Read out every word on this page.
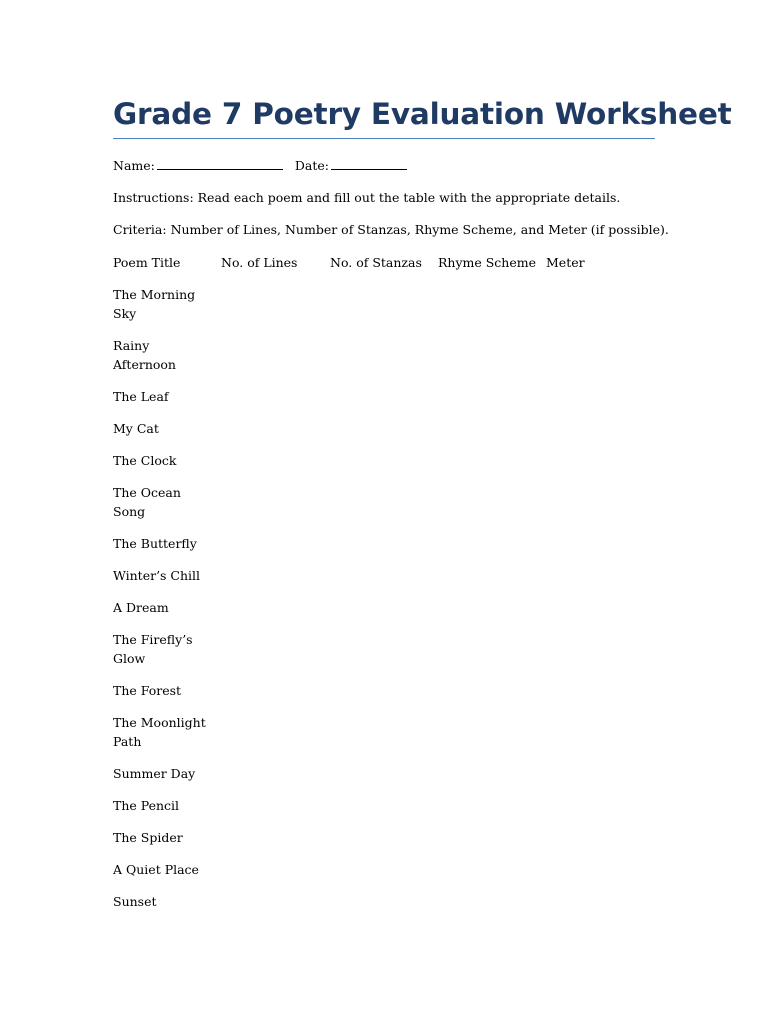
Grade 7 Poetry Evaluation Worksheet
Name:	Date:

Instructions: Read each poem and fill out the table with the appropriate details.

Criteria: Number of Lines, Number of Stanzas, Rhyme Scheme, and Meter (if possible).

Poem Title	No. of Lines	No. of Stanzas	Rhyme Scheme Meter
The Morning Sky
Rainy Afternoon
The Leaf
My Cat
The Clock
The Ocean Song
The Butterfly
Winter’s Chill
A Dream
The Firefly’s Glow
The Forest
The Moonlight Path
Summer Day
The Pencil
The Spider
A Quiet Place
Sunset
